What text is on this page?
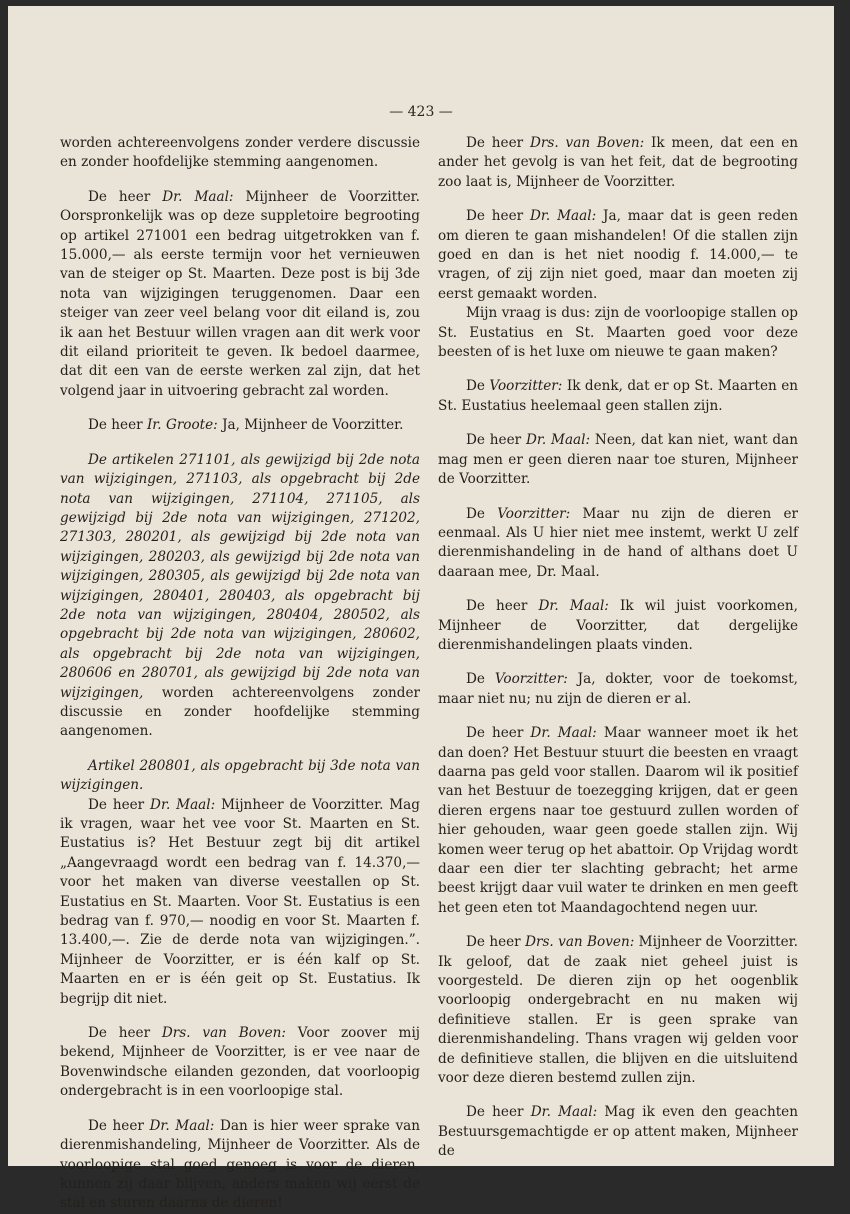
— 423 —

worden achtereenvolgens zonder verdere discussie en zonder hoofdelijke stemming aangenomen.

De heer Dr. Maal: Mijnheer de Voorzitter. Oorspronkelijk was op deze suppletoire begrooting op artikel 271001 een bedrag uitgetrokken van f. 15.000,— als eerste termijn voor het vernieuwen van de steiger op St. Maarten. Deze post is bij 3de nota van wijzigingen teruggenomen. Daar een steiger van zeer veel belang voor dit eiland is, zou ik aan het Bestuur willen vragen aan dit werk voor dit eiland prioriteit te geven. Ik bedoel daarmee, dat dit een van de eerste werken zal zijn, dat het volgend jaar in uitvoering gebracht zal worden.

De heer Ir. Groote: Ja, Mijnheer de Voorzitter.

De artikelen 271101, als gewijzigd bij 2de nota van wijzigingen, 271103, als opgebracht bij 2de nota van wijzigingen, 271104, 271105, als gewijzigd bij 2de nota van wijzigingen, 271202, 271303, 280201, als gewijzigd bij 2de nota van wijzigingen, 280203, als gewijzigd bij 2de nota van wijzigingen, 280305, als gewijzigd bij 2de nota van wijzigingen, 280401, 280403, als opgebracht bij 2de nota van wijzigingen, 280404, 280502, als opgebracht bij 2de nota van wijzigingen, 280602, als opgebracht bij 2de nota van wijzigingen, 280606 en 280701, als gewijzigd bij 2de nota van wijzigingen, worden achtereenvolgens zonder discussie en zonder hoofdelijke stemming aangenomen.

Artikel 280801, als opgebracht bij 3de nota van wijzigingen.

De heer Dr. Maal: Mijnheer de Voorzitter. Mag ik vragen, waar het vee voor St. Maarten en St. Eustatius is? Het Bestuur zegt bij dit artikel „Aangevraagd wordt een bedrag van f. 14.370,— voor het maken van diverse veestallen op St. Eustatius en St. Maarten. Voor St. Eustatius is een bedrag van f. 970,— noodig en voor St. Maarten f. 13.400,—. Zie de derde nota van wijzigingen.”. Mijnheer de Voorzitter, er is één kalf op St. Maarten en er is één geit op St. Eustatius. Ik begrijp dit niet.

De heer Drs. van Boven: Voor zoover mij bekend, Mijnheer de Voorzitter, is er vee naar de Bovenwindsche eilanden gezonden, dat voorloopig ondergebracht is in een voorloopige stal.

De heer Dr. Maal: Dan is hier weer sprake van dierenmishandeling, Mijnheer de Voorzitter. Als de voorloopige stal goed genoeg is voor de dieren, kunnen zij daar blijven, anders maken wij eerst de stal en sturen daarna de dieren!

De heer Drs. van Boven: Ik meen, dat een en ander het gevolg is van het feit, dat de begrooting zoo laat is, Mijnheer de Voorzitter.

De heer Dr. Maal: Ja, maar dat is geen reden om dieren te gaan mishandelen! Of die stallen zijn goed en dan is het niet noodig f. 14.000,— te vragen, of zij zijn niet goed, maar dan moeten zij eerst gemaakt worden.

Mijn vraag is dus: zijn de voorloopige stallen op St. Eustatius en St. Maarten goed voor deze beesten of is het luxe om nieuwe te gaan maken?

De Voorzitter: Ik denk, dat er op St. Maarten en St. Eustatius heelemaal geen stallen zijn.

De heer Dr. Maal: Neen, dat kan niet, want dan mag men er geen dieren naar toe sturen, Mijnheer de Voorzitter.

De Voorzitter: Maar nu zijn de dieren er eenmaal. Als U hier niet mee instemt, werkt U zelf dierenmishandeling in de hand of althans doet U daaraan mee, Dr. Maal.

De heer Dr. Maal: Ik wil juist voorkomen, Mijnheer de Voorzitter, dat dergelijke dierenmishandelingen plaats vinden.

De Voorzitter: Ja, dokter, voor de toekomst, maar niet nu; nu zijn de dieren er al.

De heer Dr. Maal: Maar wanneer moet ik het dan doen? Het Bestuur stuurt die beesten en vraagt daarna pas geld voor stallen. Daarom wil ik positief van het Bestuur de toezegging krijgen, dat er geen dieren ergens naar toe gestuurd zullen worden of hier gehouden, waar geen goede stallen zijn. Wij komen weer terug op het abattoir. Op Vrijdag wordt daar een dier ter slachting gebracht; het arme beest krijgt daar vuil water te drinken en men geeft het geen eten tot Maandagochtend negen uur.

De heer Drs. van Boven: Mijnheer de Voorzitter. Ik geloof, dat de zaak niet geheel juist is voorgesteld. De dieren zijn op het oogenblik voorloopig ondergebracht en nu maken wij definitieve stallen. Er is geen sprake van dierenmishandeling. Thans vragen wij gelden voor de definitieve stallen, die blijven en die uitsluitend voor deze dieren bestemd zullen zijn.

De heer Dr. Maal: Mag ik even den geachten Bestuursgemachtigde er op attent maken, Mijnheer de
